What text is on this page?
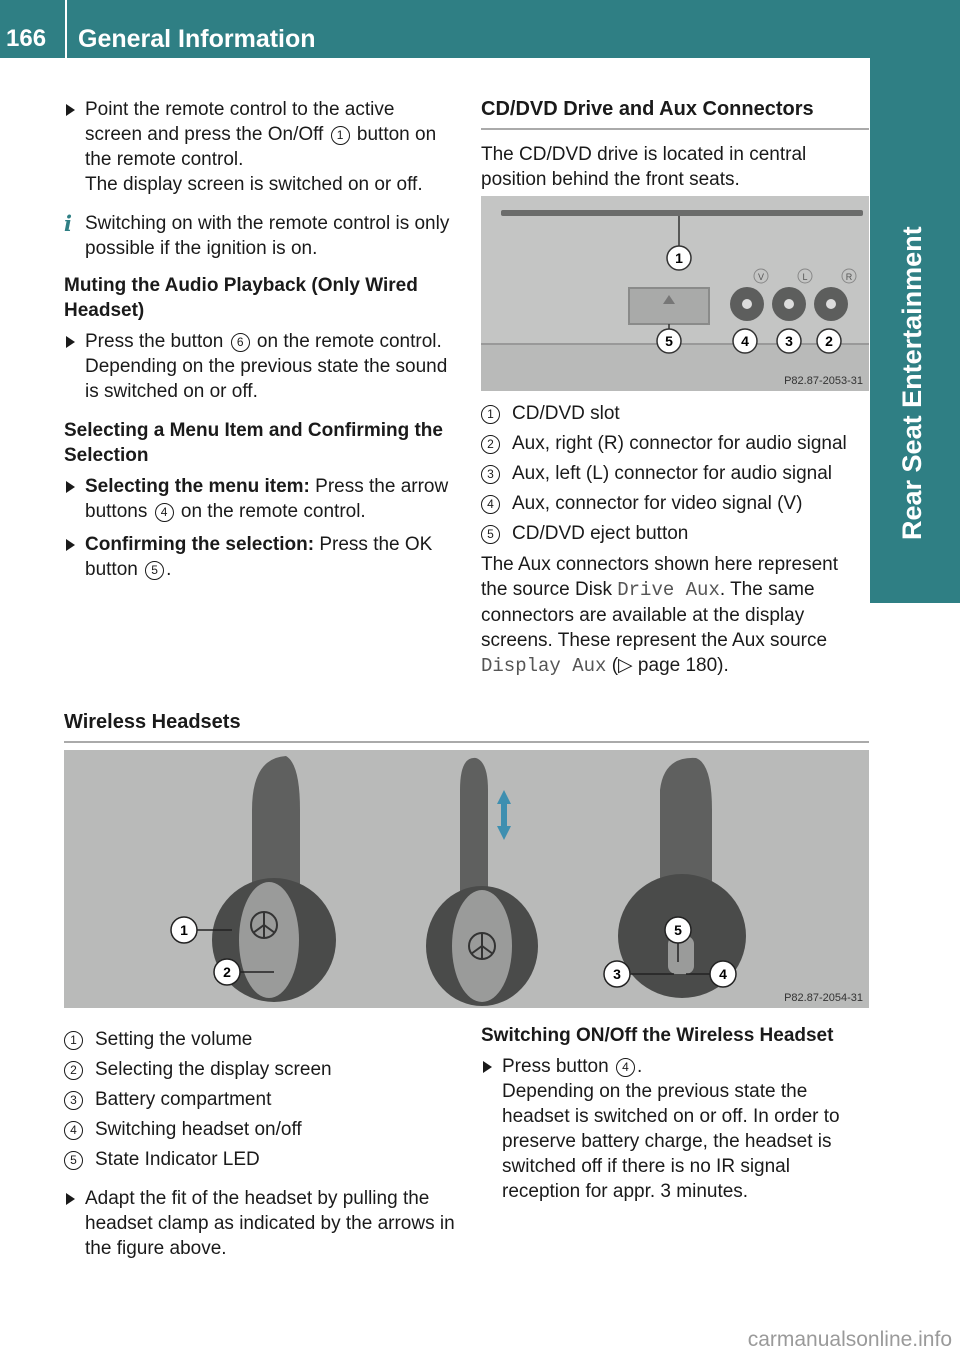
166	General Information
Rear Seat Entertainment
Point the remote control to the active screen and press the On/Off 1 button on the remote control.
The display screen is switched on or off.
i Switching on with the remote control is only possible if the ignition is on.
Muting the Audio Playback (Only Wired Headset)
Press the button 6 on the remote control.
Depending on the previous state the sound is switched on or off.
Selecting a Menu Item and Confirming the Selection
Selecting the menu item: Press the arrow buttons 4 on the remote control.
Confirming the selection: Press the OK button 5 .
CD/DVD Drive and Aux Connectors

The CD/DVD drive is located in central position behind the front seats.

V	L	R
1
5	4	3 2
P82.87-2053-31
1 CD/DVD slot
2 Aux, right (R) connector for audio signal
3 Aux, left (L) connector for audio signal
4 Aux, connector for video signal (V)
5 CD/DVD eject button

The Aux connectors shown here represent the source Disk Drive Aux. The same connectors are available at the display screens. These represent the Aux source Display Aux (▷ page 180).

Wireless Headsets
1
2	3	4
5
P82.87-2054-31
1 Setting the volume
2 Selecting the display screen
3 Battery compartment
4 Switching headset on/off
5 State Indicator LED
Adapt the fit of the headset by pulling the headset clamp as indicated by the arrows in the figure above.
Switching ON/Off the Wireless Headset
Press button 4 .
Depending on the previous state the headset is switched on or off. In order to preserve battery charge, the headset is switched off if there is no IR signal reception for appr. 3 minutes.
carmanualsonline.info
